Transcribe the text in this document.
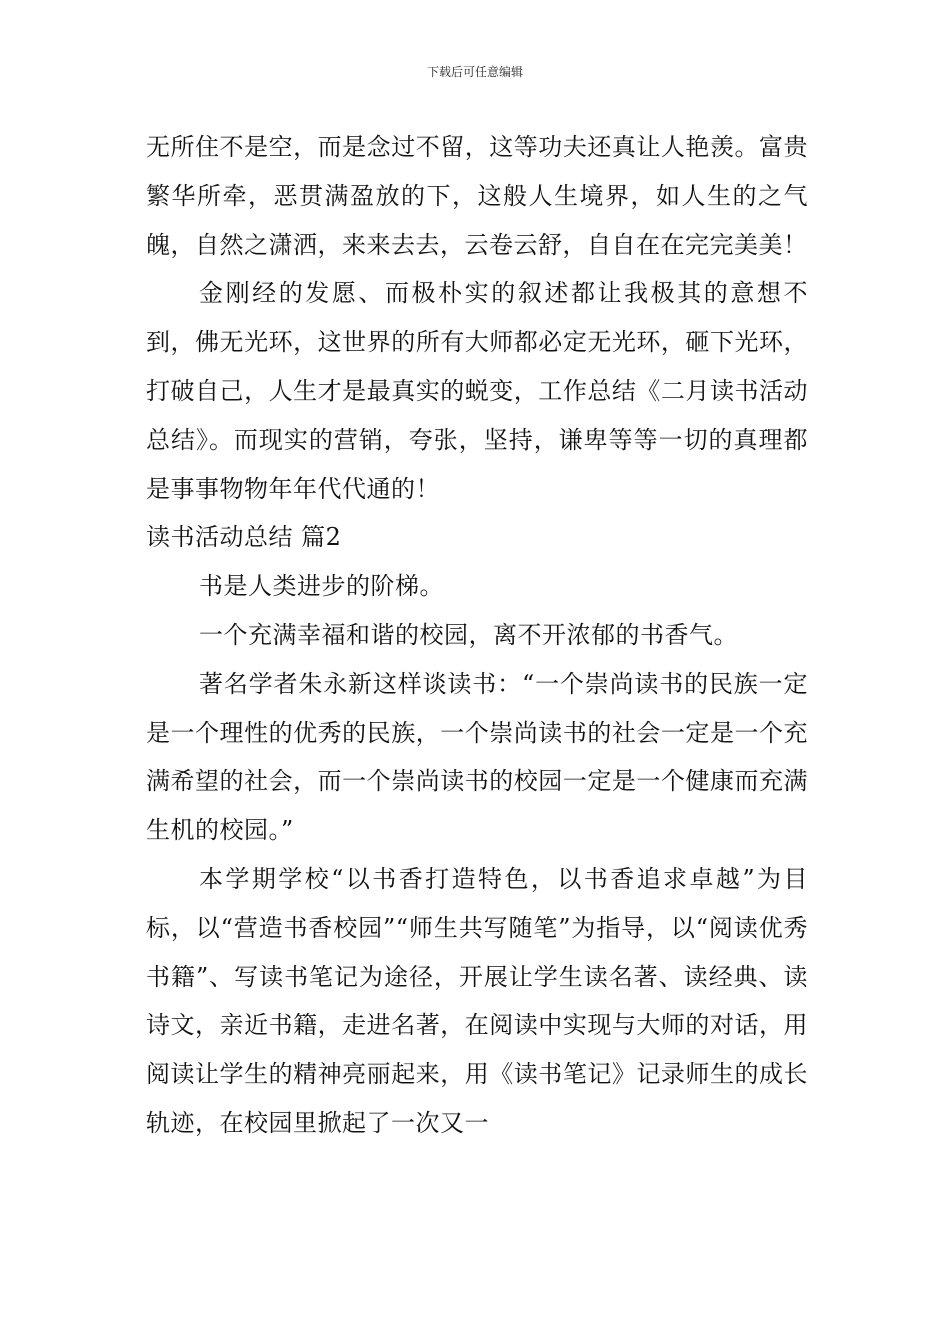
下载后可任意编辑

无所住不是空，而是念过不留，这等功夫还真让人艳羡。富贵繁华所牵，恶贯满盈放的下，这般人生境界，如人生的之气魄，自然之潇洒，来来去去，云卷云舒，自自在在完完美美！

金刚经的发愿、而极朴实的叙述都让我极其的意想不到，佛无光环，这世界的所有大师都必定无光环，砸下光环，打破自己，人生才是最真实的蜕变，工作总结《二月读书活动总结》。而现实的营销，夸张，坚持，谦卑等等一切的真理都是事事物物年年代代通的！

读书活动总结 篇2

书是人类进步的阶梯。

一个充满幸福和谐的校园，离不开浓郁的书香气。

著名学者朱永新这样谈读书：“一个崇尚读书的民族一定是一个理性的优秀的民族，一个崇尚读书的社会一定是一个充满希望的社会，而一个崇尚读书的校园一定是一个健康而充满生机的校园。”

本学期学校“以书香打造特色，以书香追求卓越”为目标，以“营造书香校园”“师生共写随笔”为指导，以“阅读优秀书籍”、写读书笔记为途径，开展让学生读名著、读经典、读诗文，亲近书籍，走进名著，在阅读中实现与大师的对话，用阅读让学生的精神亮丽起来，用《读书笔记》记录师生的成长轨迹，在校园里掀起了一次又一
